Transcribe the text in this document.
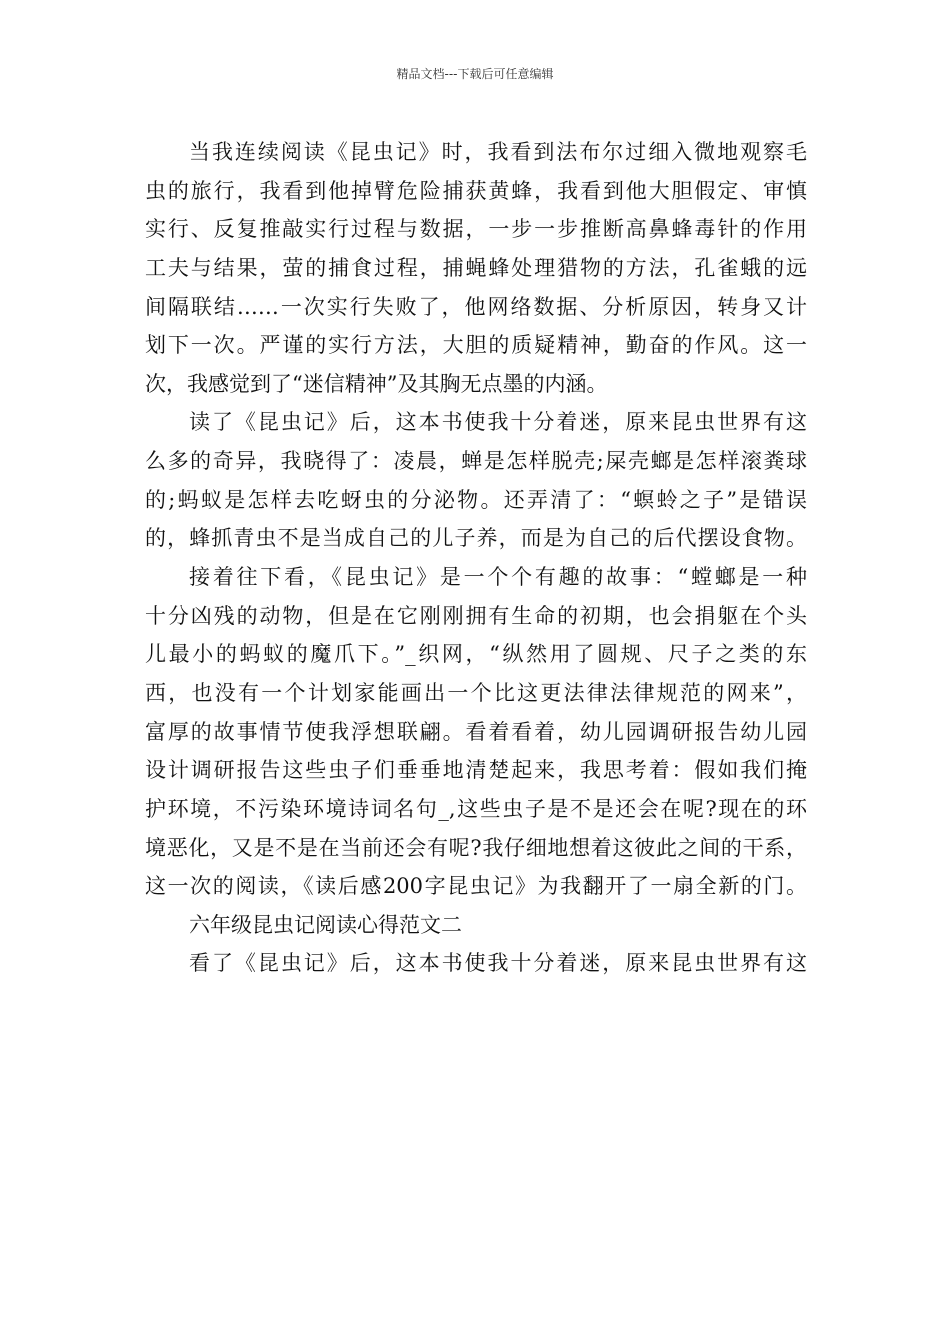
精品文档---下载后可任意编辑
当我连续阅读《昆虫记》时，我看到法布尔过细入微地观察毛
虫的旅行，我看到他掉臂危险捕获黄蜂，我看到他大胆假定、审慎
实行、反复推敲实行过程与数据，一步一步推断高鼻蜂毒针的作用
工夫与结果，萤的捕食过程，捕蝇蜂处理猎物的方法，孔雀蛾的远
间隔联结……一次实行失败了，他网络数据、分析原因，转身又计
划下一次。严谨的实行方法，大胆的质疑精神，勤奋的作风。这一
次，我感觉到了“迷信精神”及其胸无点墨的内涵。
读了《昆虫记》后，这本书使我十分着迷，原来昆虫世界有这
么多的奇异，我晓得了：凌晨，蝉是怎样脱壳;屎壳螂是怎样滚粪球
的;蚂蚁是怎样去吃蚜虫的分泌物。还弄清了：“螟蛉之子”是错误
的，蜂抓青虫不是当成自己的儿子养，而是为自己的后代摆设食物。
接着往下看，《昆虫记》是一个个有趣的故事：“螳螂是一种
十分凶残的动物，但是在它刚刚拥有生命的初期，也会捐躯在个头
儿最小的蚂蚁的魔爪下。”_织网，“纵然用了圆规、尺子之类的东
西，也没有一个计划家能画出一个比这更法律法律规范的网来”，
富厚的故事情节使我浮想联翩。看着看着，幼儿园调研报告幼儿园
设计调研报告这些虫子们垂垂地清楚起来，我思考着：假如我们掩
护环境，不污染环境诗词名句_,这些虫子是不是还会在呢?现在的环
境恶化，又是不是在当前还会有呢?我仔细地想着这彼此之间的干系，
这一次的阅读，《读后感200字昆虫记》为我翻开了一扇全新的门。
六年级昆虫记阅读心得范文二
看了《昆虫记》后，这本书使我十分着迷，原来昆虫世界有这
